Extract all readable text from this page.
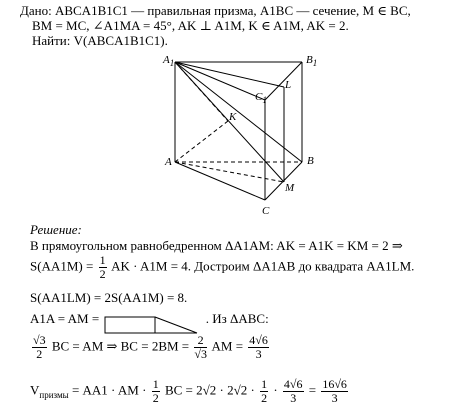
Дано: ABCA1B1C1 — правильная призма, A1BC — сечение, M ∈ BC,
BM = MC, ∠A1MA = 45°, AK ⊥ A1M, K ∈ A1M, AK = 2.
Найти: V(ABCA1B1C1).
$A_1$	$B_1$
$C_1$
L
K
A	B
M
C
Решение:
В прямоугольном равнобедренном ΔA1AM: AK = A1K = KM = 2 ⇒
$S(AA1M) = \frac{1}{2}$ AK · A1M = 4. Достроим ΔA1AB до квадрата AA1LM.
S(AA1LM) = 2S(AA1M) = 8.
A1A = AM =	. Из ΔABC:
$\frac{√3}{2}$ BC = AM ⇒ BC = $2BM = \frac{2}{√3}$ AM = $\frac{4√6}{3}$
$V_{призмы} = AA1$ · AM · $\frac{1}{2}$ BC = $2√2 \cdot 2√2 \cdot \frac{1}{2} \cdot \frac{4√6}{3} = \frac{16√6}{3}$
